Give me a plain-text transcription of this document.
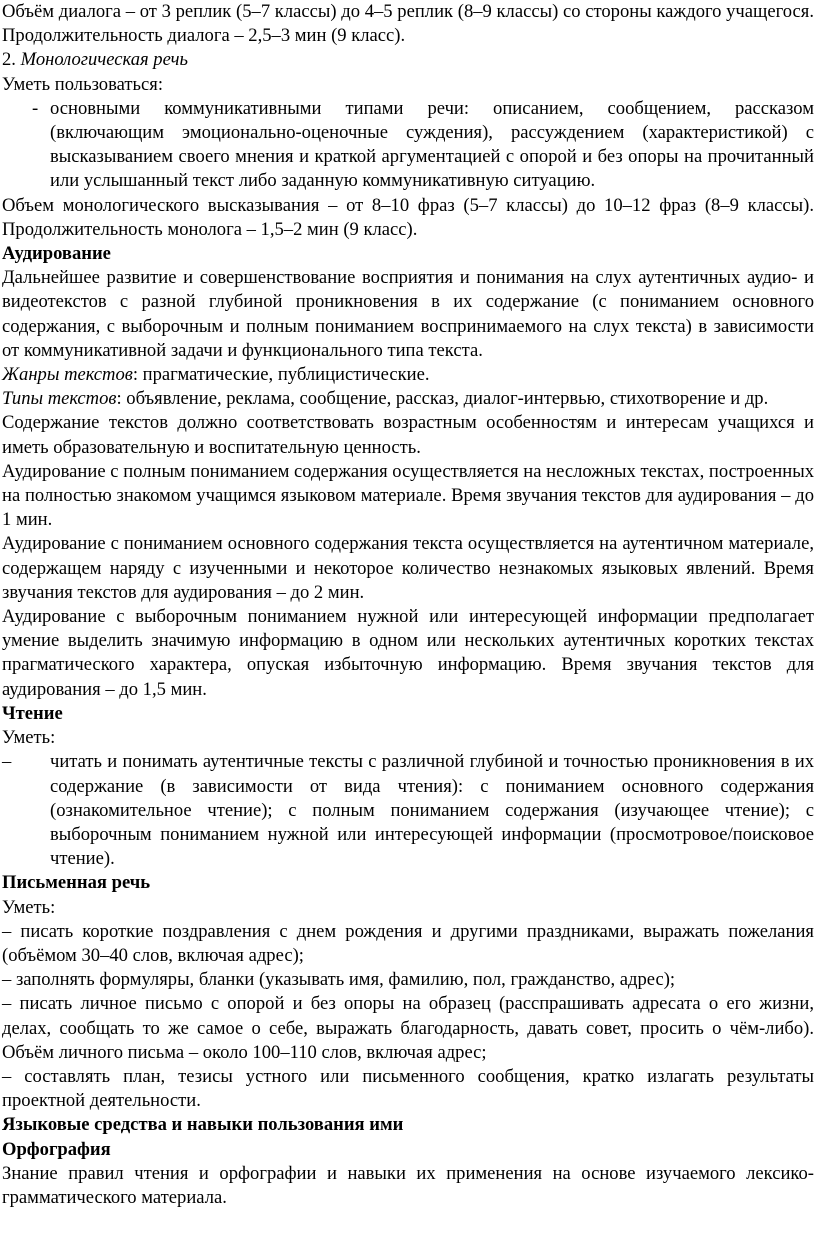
Объём диалога – от 3 реплик (5–7 классы) до 4–5 реплик (8–9 классы) со стороны каждого учащегося. Продолжительность диалога – 2,5–3 мин (9 класс).

2. Монологическая речь

Уметь пользоваться:

- основными коммуникативными типами речи: описанием, сообщением, рассказом (включающим эмоционально-оценочные суждения), рассуждением (характеристикой) с высказыванием своего мнения и краткой аргументацией с опорой и без опоры на прочитанный или услышанный текст либо заданную коммуникативную ситуацию.

Объем монологического высказывания – от 8–10 фраз (5–7 классы) до 10–12 фраз (8–9 классы). Продолжительность монолога – 1,5–2 мин (9 класс).

Аудирование

Дальнейшее развитие и совершенствование восприятия и понимания на слух аутентичных аудио- и видеотекстов с разной глубиной проникновения в их содержание (с пониманием основного содержания, с выборочным и полным пониманием воспринимаемого на слух текста) в зависимости от коммуникативной задачи и функционального типа текста.

Жанры текстов: прагматические, публицистические.

Типы текстов: объявление, реклама, сообщение, рассказ, диалог-интервью, стихотворение и др.

Содержание текстов должно соответствовать возрастным особенностям и интересам учащихся и иметь образовательную и воспитательную ценность.

Аудирование с полным пониманием содержания осуществляется на несложных текстах, построенных на полностью знакомом учащимся языковом материале. Время звучания текстов для аудирования – до 1 мин.

Аудирование с пониманием основного содержания текста осуществляется на аутентичном материале, содержащем наряду с изученными и некоторое количество незнакомых языковых явлений. Время звучания текстов для аудирования – до 2 мин.

Аудирование с выборочным пониманием нужной или интересующей информации предполагает умение выделить значимую информацию в одном или нескольких аутентичных коротких текстах прагматического характера, опуская избыточную информацию. Время звучания текстов для аудирования – до 1,5 мин.

Чтение

Уметь:

– читать и понимать аутентичные тексты с различной глубиной и точностью проникновения в их содержание (в зависимости от вида чтения): с пониманием основного содержания (ознакомительное чтение); с полным пониманием содержания (изучающее чтение); с выборочным пониманием нужной или интересующей информации (просмотровое/поисковое чтение).

Письменная речь

Уметь:

– писать короткие поздравления с днем рождения и другими праздниками, выражать пожелания (объёмом 30–40 слов, включая адрес);

– заполнять формуляры, бланки (указывать имя, фамилию, пол, гражданство, адрес);

– писать личное письмо с опорой и без опоры на образец (расспрашивать адресата о его жизни, делах, сообщать то же самое о себе, выражать благодарность, давать совет, просить о чём-либо). Объём личного письма – около 100–110 слов, включая адрес;

– составлять план, тезисы устного или письменного сообщения, кратко излагать результаты проектной деятельности.

Языковые средства и навыки пользования ими

Орфография

Знание правил чтения и орфографии и навыки их применения на основе изучаемого лексико-грамматического материала.
